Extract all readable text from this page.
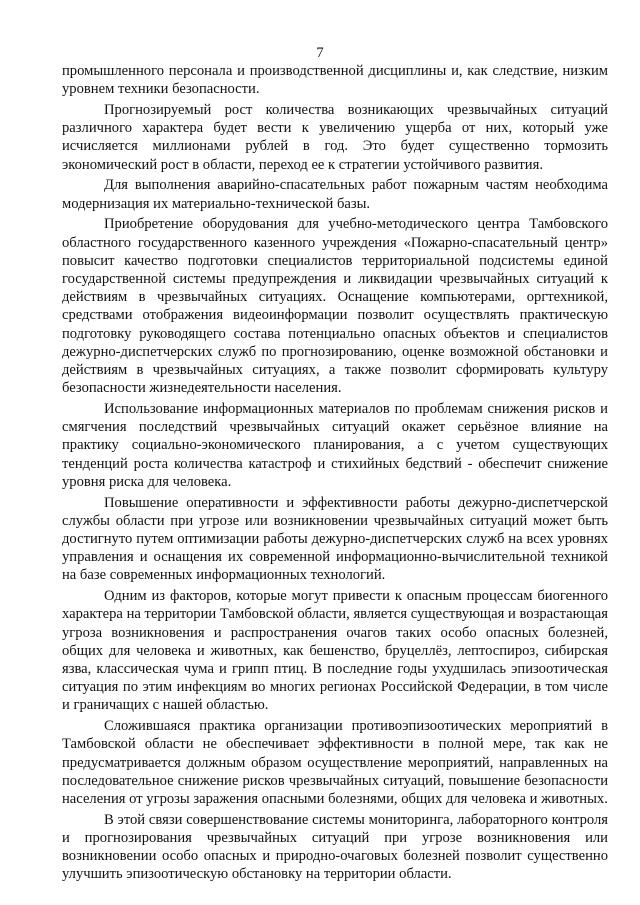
7

промышленного персонала и производственной дисциплины и, как следствие, низким уровнем техники безопасности.

Прогнозируемый рост количества возникающих чрезвычайных ситуаций различного характера будет вести к увеличению ущерба от них, который уже исчисляется миллионами рублей в год. Это будет существенно тормозить экономический рост в области, переход ее к стратегии устойчивого развития.

Для выполнения аварийно-спасательных работ пожарным частям необходима модернизация их материально-технической базы.

Приобретение оборудования для учебно-методического центра Тамбовского областного государственного казенного учреждения «Пожарно-спасательный центр» повысит качество подготовки специалистов территориальной подсистемы единой государственной системы предупреждения и ликвидации чрезвычайных ситуаций к действиям в чрезвычайных ситуациях. Оснащение компьютерами, оргтехникой, средствами отображения видеоинформации позволит осуществлять практическую подготовку руководящего состава потенциально опасных объектов и специалистов дежурно-диспетчерских служб по прогнозированию, оценке возможной обстановки и действиям в чрезвычайных ситуациях, а также позволит сформировать культуру безопасности жизнедеятельности населения.

Использование информационных материалов по проблемам снижения рисков и смягчения последствий чрезвычайных ситуаций окажет серьёзное влияние на практику социально-экономического планирования, а с учетом существующих тенденций роста количества катастроф и стихийных бедствий - обеспечит снижение уровня риска для человека.

Повышение оперативности и эффективности работы дежурно-диспетчерской службы области при угрозе или возникновении чрезвычайных ситуаций может быть достигнуто путем оптимизации работы дежурно-диспетчерских служб на всех уровнях управления и оснащения их современной информационно-вычислительной техникой на базе современных информационных технологий.

Одним из факторов, которые могут привести к опасным процессам биогенного характера на территории Тамбовской области, является существующая и возрастающая угроза возникновения и распространения очагов таких особо опасных болезней, общих для человека и животных, как бешенство, бруцеллёз, лептоспироз, сибирская язва, классическая чума и грипп птиц. В последние годы ухудшилась эпизоотическая ситуация по этим инфекциям во многих регионах Российской Федерации, в том числе и граничащих с нашей областью.

Сложившаяся практика организации противоэпизоотических мероприятий в Тамбовской области не обеспечивает эффективности в полной мере, так как не предусматривается должным образом осуществление мероприятий, направленных на последовательное снижение рисков чрезвычайных ситуаций, повышение безопасности населения от угрозы заражения опасными болезнями, общих для человека и животных.

В этой связи совершенствование системы мониторинга, лабораторного контроля и прогнозирования чрезвычайных ситуаций при угрозе возникновения или возникновении особо опасных и природно-очаговых болезней позволит существенно улучшить эпизоотическую обстановку на территории области.
